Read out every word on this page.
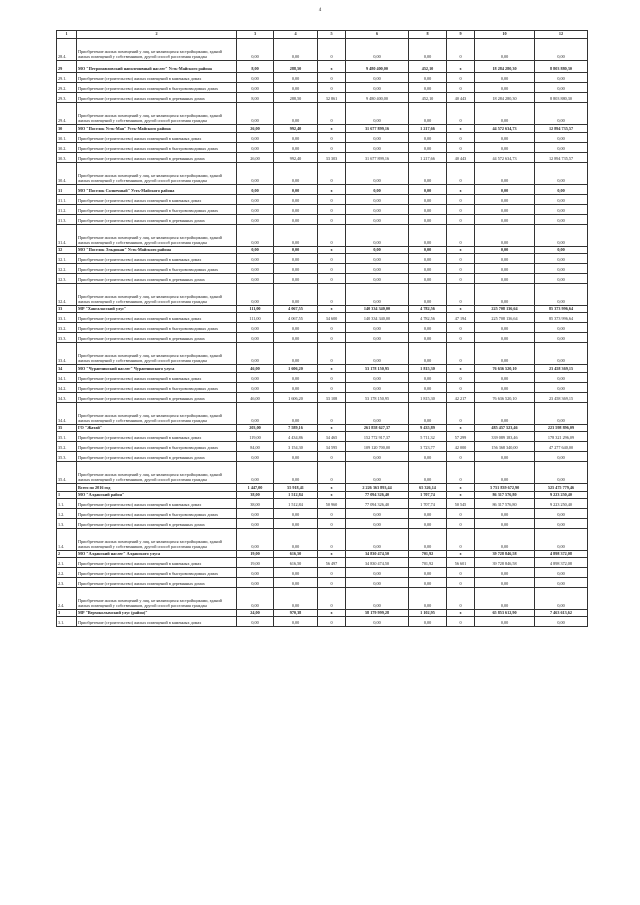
4
1	2	3	4	5	6	8	9	10	12
28.4.	Приобретение жилых помещений у лиц, не являющихся застройщиками, зданий жилых помещений у собственников, другой способ расселения граждан	0,00	0,00	0	0,00	0,00	0	0,00	0,00
29	МО "Петропавловский наполеонвный наслег" Усть-Майского района	8,00	288,50	х	9 480 400,00	452,10	х	18 284 280,30	8 803 880,30
29.1.	Приобретение (строительство) жилых помещений в каменных домах	0,00	0,00	0	0,00	0,00	0	0,00	0,00
29.2.	Приобретение (строительство) жилых помещений в быстровозводимых домах	0,00	0,00	0	0,00	0,00	0	0,00	0,00
29.3.	Приобретение (строительство) жилых помещений в деревянных домах	8,00	288,50	32 861	9 480 400,00	452,10	40 443	18 284 280,30	8 803 880,30
29.4.	Приобретение жилых помещений у лиц, не являющихся застройщиками, зданий жилых помещений у собственников, другой способ расселения граждан	0,00	0,00	0	0,00	0,00	0	0,00	0,00
30	МО "Поселок Усть-Мая" Усть-Майского района	26,00	992,40	х	31 677 899,16	1 217,66	х	44 572 634,73	12 894 735,57
30.1.	Приобретение (строительство) жилых помещений в каменных домах	0,00	0,00	0	0,00	0,00	0	0,00	0,00
30.2.	Приобретение (строительство) жилых помещений в быстровозводимых домах	0,00	0,00	0	0,00	0,00	0	0,00	0,00
30.3.	Приобретение (строительство) жилых помещений в деревянных домах	26,00	992,40	33 303	31 677 899,16	1 217,66	40 443	44 572 634,73	12 894 735,57
30.4.	Приобретение жилых помещений у лиц, не являющихся застройщиками, зданий жилых помещений у собственников, другой способ расселения граждан	0,00	0,00	0	0,00	0,00	0	0,00	0,00
31	МО "Поселок Солнечный" Усть-Майского района	0,00	0,00	х	0,00	0,00	х	0,00	0,00
31.1.	Приобретение (строительство) жилых помещений в каменных домах	0,00	0,00	0	0,00	0,00	0	0,00	0,00
31.2.	Приобретение (строительство) жилых помещений в быстровозводимых домах	0,00	0,00	0	0,00	0,00	0	0,00	0,00
31.3.	Приобретение (строительство) жилых помещений в деревянных домах	0,00	0,00	0	0,00	0,00	0	0,00	0,00
31.4.	Приобретение жилых помещений у лиц, не являющихся застройщиками, зданий жилых помещений у собственников, другой способ расселения граждан	0,00	0,00	0	0,00	0,00	0	0,00	0,00
32	МО "Поселок Эльдикан" Усть-Майского района	0,00	0,00	х	0,00	0,00	х	0,00	0,00
32.1.	Приобретение (строительство) жилых помещений в каменных домах	0,00	0,00	0	0,00	0,00	0	0,00	0,00
32.2.	Приобретение (строительство) жилых помещений в быстровозводимых домах	0,00	0,00	0	0,00	0,00	0	0,00	0,00
32.3.	Приобретение (строительство) жилых помещений в деревянных домах	0,00	0,00	0	0,00	0,00	0	0,00	0,00
32.4.	Приобретение жилых помещений у лиц, не являющихся застройщиками, зданий жилых помещений у собственников, другой способ расселения граждан	0,00	0,00	0	0,00	0,00	0	0,00	0,00
33	МР "Хангаласский улус"	111,00	4 067,55	х	140 334 340,00	4 782,56	х	225 708 136,64	85 373 996,64
33.1.	Приобретение (строительство) жилых помещений в каменных домах	111,00	4 067,55	34 600	140 334 340,00	4 782,56	47 194	225 708 136,64	85 373 996,64
33.2.	Приобретение (строительство) жилых помещений в быстровозводимых домах	0,00	0,00	0	0,00	0,00	0	0,00	0,00
33.3.	Приобретение (строительство) жилых помещений в деревянных домах	0,00	0,00	0	0,00	0,00	0	0,00	0,00
33.4.	Приобретение жилых помещений у лиц, не являющихся застройщиками, зданий жилых помещений у собственников, другой способ расселения граждан	0,00	0,00	0	0,00	0,00	0	0,00	0,00
34	МО "Чурапчинский наслег" Чурапчинского улуса	46,00	1 606,20	х	53 178 150,95	1 815,30	х	76 636 520,10	23 458 369,15
34.1.	Приобретение (строительство) жилых помещений в каменных домах	0,00	0,00	0	0,00	0,00	0	0,00	0,00
34.2.	Приобретение (строительство) жилых помещений в быстровозводимых домах	0,00	0,00	0	0,00	0,00	0	0,00	0,00
34.3.	Приобретение (строительство) жилых помещений в деревянных домах	46,00	1 606,20	33 108	53 178 150,95	1 815,30	42 217	76 636 520,10	23 458 369,15
34.4.	Приобретение жилых помещений у лиц, не являющихся застройщиками, зданий жилых помещений у собственников, другой способ расселения граждан	0,00	0,00	0	0,00	0,00	0	0,00	0,00
35	ГО "Жатай"	203,00	7 589,16	х	261 858 627,37	9 435,89	х	485 457 523,46	223 598 896,09
35.1.	Приобретение (строительство) жилых помещений в каменных домах	119,00	4 434,86	34 465	152 772 917,37	5 711,32	57 299	339 089 183,46	178 321 296,09
35.2.	Приобретение (строительство) жилых помещений в быстровозводимых домах	84,00	3 154,30	34 595	109 120 700,00	3 723,77	42 000	156 368 340,00	47 277 640,00
35.3.	Приобретение (строительство) жилых помещений в деревянных домах	0,00	0,00	0	0,00	0,00	0	0,00	0,00
35.4.	Приобретение жилых помещений у лиц, не являющихся застройщиками, зданий жилых помещений у собственников, другой способ расселения граждан	0,00	0,00	0	0,00	0,00	0	0,00	0,00
	Всего по 2016 год	1 447,00	55 918,41	х	2 226 363 893,44	65 326,14	х	3 751 839 672,90	525 475 779,46
1	МО "Алданский район"	38,00	1 512,84	х	77 094 326,40	1 707,74	х	86 317 576,80	9 223 250,40
1.1.	Приобретение (строительство) жилых помещений в каменных домах	38,00	1 512,84	50 960	77 094 326,40	1 707,74	50 545	86 317 576,80	9 223 250,40
1.2.	Приобретение (строительство) жилых помещений в быстровозводимых домах	0,00	0,00	0	0,00	0,00	0	0,00	0,00
1.3.	Приобретение (строительство) жилых помещений в деревянных домах	0,00	0,00	0	0,00	0,00	0	0,00	0,00
1.4.	Приобретение жилых помещений у лиц, не являющихся застройщиками, зданий жилых помещений у собственников, другой способ расселения граждан	0,00	0,00	0	0,00	0,00	0	0,00	0,00
2	МО "Алданский наслег" Алданского улуса	19,00	616,50	х	34 830 474,50	701,92	х	39 728 846,58	4 898 372,08
2.1.	Приобретение (строительство) жилых помещений в каменных домах	19,00	616,50	56 497	34 830 474,50	701,92	56 601	39 728 846,58	4 898 372,08
2.2.	Приобретение (строительство) жилых помещений в быстровозводимых домах	0,00	0,00	0	0,00	0,00	0	0,00	0,00
2.3.	Приобретение (строительство) жилых помещений в деревянных домах	0,00	0,00	0	0,00	0,00	0	0,00	0,00
2.4.	Приобретение жилых помещений у лиц, не являющихся застройщиками, зданий жилых помещений у собственников, другой способ расселения граждан	0,00	0,00	0	0,00	0,00	0	0,00	0,00
3	МР "Верхоколымский улус (район)"	24,00	970,38	х	58 179 999,28	1 102,95	х	65 853 612,90	7 463 613,62
3.1.	Приобретение (строительство) жилых помещений в каменных домах	0,00	0,00	0	0,00	0,00	0	0,00	0,00
